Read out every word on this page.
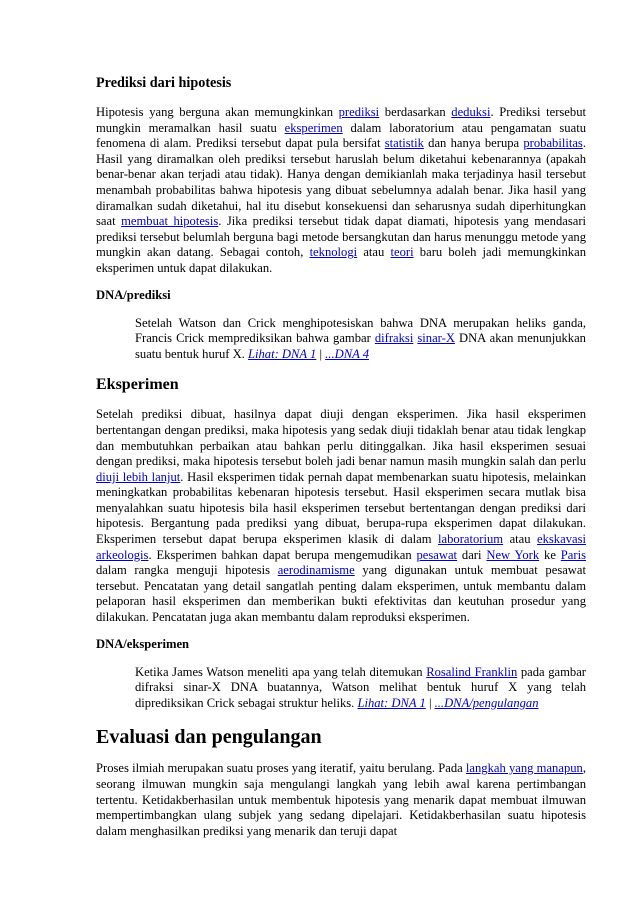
Prediksi dari hipotesis

Hipotesis yang berguna akan memungkinkan prediksi berdasarkan deduksi. Prediksi tersebut mungkin meramalkan hasil suatu eksperimen dalam laboratorium atau pengamatan suatu fenomena di alam. Prediksi tersebut dapat pula bersifat statistik dan hanya berupa probabilitas. Hasil yang diramalkan oleh prediksi tersebut haruslah belum diketahui kebenarannya (apakah benar-benar akan terjadi atau tidak). Hanya dengan demikianlah maka terjadinya hasil tersebut menambah probabilitas bahwa hipotesis yang dibuat sebelumnya adalah benar. Jika hasil yang diramalkan sudah diketahui, hal itu disebut konsekuensi dan seharusnya sudah diperhitungkan saat membuat hipotesis. Jika prediksi tersebut tidak dapat diamati, hipotesis yang mendasari prediksi tersebut belumlah berguna bagi metode bersangkutan dan harus menunggu metode yang mungkin akan datang. Sebagai contoh, teknologi atau teori baru boleh jadi memungkinkan eksperimen untuk dapat dilakukan.

DNA/prediksi

Setelah Watson dan Crick menghipotesiskan bahwa DNA merupakan heliks ganda, Francis Crick memprediksikan bahwa gambar difraksi sinar-X DNA akan menunjukkan suatu bentuk huruf X. Lihat: DNA 1 | ...DNA 4

Eksperimen

Setelah prediksi dibuat, hasilnya dapat diuji dengan eksperimen. Jika hasil eksperimen bertentangan dengan prediksi, maka hipotesis yang sedak diuji tidaklah benar atau tidak lengkap dan membutuhkan perbaikan atau bahkan perlu ditinggalkan. Jika hasil eksperimen sesuai dengan prediksi, maka hipotesis tersebut boleh jadi benar namun masih mungkin salah dan perlu diuji lebih lanjut. Hasil eksperimen tidak pernah dapat membenarkan suatu hipotesis, melainkan meningkatkan probabilitas kebenaran hipotesis tersebut. Hasil eksperimen secara mutlak bisa menyalahkan suatu hipotesis bila hasil eksperimen tersebut bertentangan dengan prediksi dari hipotesis. Bergantung pada prediksi yang dibuat, berupa-rupa eksperimen dapat dilakukan. Eksperimen tersebut dapat berupa eksperimen klasik di dalam laboratorium atau ekskavasi arkeologis. Eksperimen bahkan dapat berupa mengemudikan pesawat dari New York ke Paris dalam rangka menguji hipotesis aerodinamisme yang digunakan untuk membuat pesawat tersebut. Pencatatan yang detail sangatlah penting dalam eksperimen, untuk membantu dalam pelaporan hasil eksperimen dan memberikan bukti efektivitas dan keutuhan prosedur yang dilakukan. Pencatatan juga akan membantu dalam reproduksi eksperimen.

DNA/eksperimen

Ketika James Watson meneliti apa yang telah ditemukan Rosalind Franklin pada gambar difraksi sinar-X DNA buatannya, Watson melihat bentuk huruf X yang telah diprediksikan Crick sebagai struktur heliks. Lihat: DNA 1 | ...DNA/pengulangan

Evaluasi dan pengulangan

Proses ilmiah merupakan suatu proses yang iteratif, yaitu berulang. Pada langkah yang manapun, seorang ilmuwan mungkin saja mengulangi langkah yang lebih awal karena pertimbangan tertentu. Ketidakberhasilan untuk membentuk hipotesis yang menarik dapat membuat ilmuwan mempertimbangkan ulang subjek yang sedang dipelajari. Ketidakberhasilan suatu hipotesis dalam menghasilkan prediksi yang menarik dan teruji dapat
